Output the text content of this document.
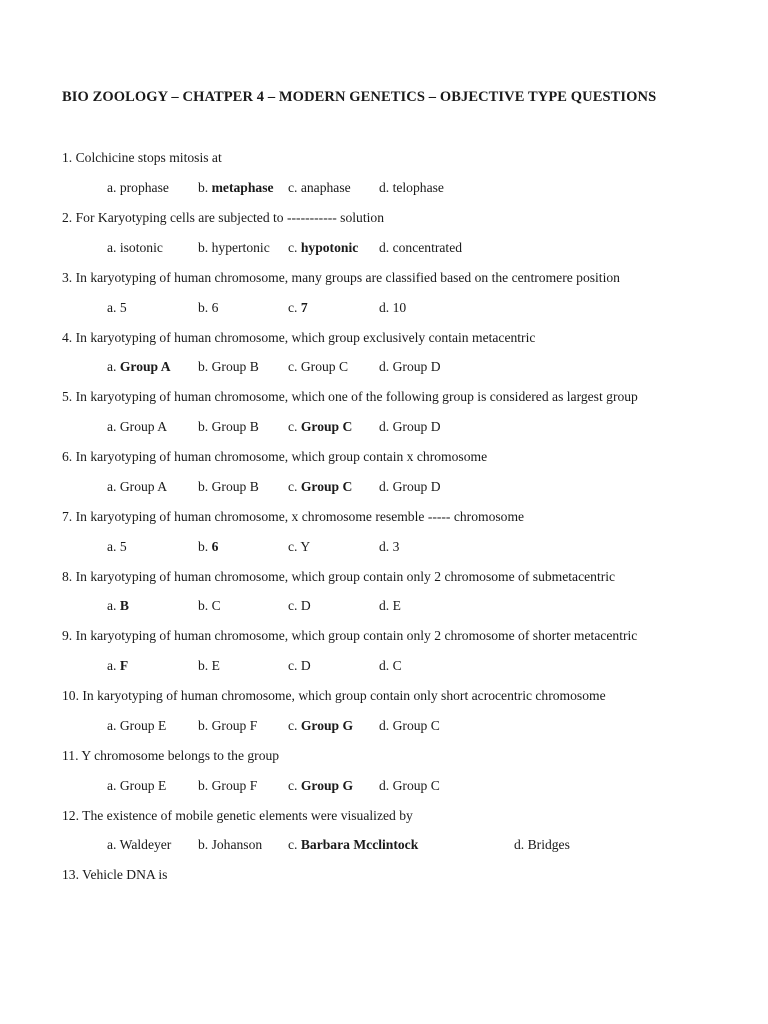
BIO ZOOLOGY – CHATPER 4 – MODERN GENETICS – OBJECTIVE TYPE QUESTIONS
1. Colchicine stops mitosis at
a. prophase b. metaphase c. anaphase d. telophase
2. For Karyotyping cells are subjected to ----------- solution
a. isotonic	b. hypertonic c. hypotonic d. concentrated
3. In karyotyping of human chromosome, many groups are classified based on the centromere position
a. 5	b. 6	c. 7	d. 10
4. In karyotyping of human chromosome, which group exclusively contain metacentric
a. Group A b. Group B c. Group C d. Group D
5. In karyotyping of human chromosome, which one of the following group is considered as largest group
a. Group A b. Group B c. Group C d. Group D
6. In karyotyping of human chromosome, which group contain x chromosome
a. Group A b. Group B c. Group C d. Group D
7. In karyotyping of human chromosome, x chromosome resemble ----- chromosome
a. 5	b. 6	c. Y	d. 3
8. In karyotyping of human chromosome, which group contain only 2 chromosome of submetacentric
a. B	b. C	c. D	d. E
9. In karyotyping of human chromosome, which group contain only 2 chromosome of shorter metacentric
a. F	b. E	c. D	d. C
10. In karyotyping of human chromosome, which group contain only short acrocentric chromosome
a. Group E b. Group F c. Group G d. Group C
11. Y chromosome belongs to the group
a. Group E b. Group F c. Group G d. Group C
12. The existence of mobile genetic elements were visualized by
a. Waldeyer b. Johanson c. Barbara Mcclintock	d. Bridges
13. Vehicle DNA is
